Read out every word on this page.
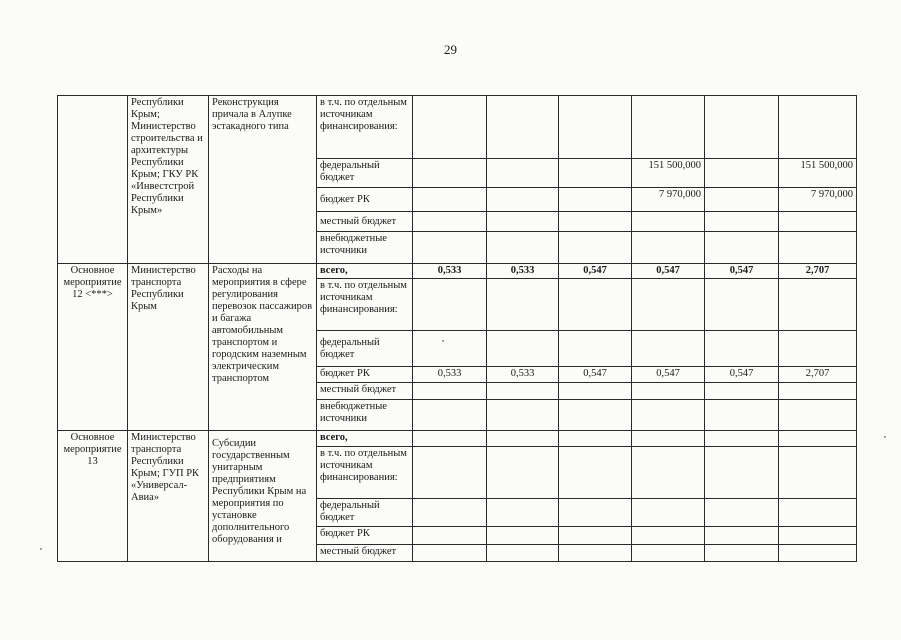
29
	Республики Крым; Министерство строительства и архитектуры Республики Крым; ГКУ РК «Инвестстрой Республики Крым»	Реконструкция причала в Алупке эстакадного типа	в т.ч. по отдельным источникам финансирования:						
			федеральный бюджет				151 500,000		151 500,000
			бюджет РК				7 970,000		7 970,000
			местный бюджет						
			внебюджетные источники						
Основное мероприятие 12 <***>	Министерство транспорта Республики Крым	Расходы на мероприятия в сфере регулирования перевозок пассажиров и багажа автомобильным транспортом и городским наземным электрическим транспортом	всего,	0,533	0,533	0,547	0,547	0,547	2,707
			в т.ч. по отдельным источникам финансирования:						
			федеральный бюджет						
			бюджет РК	0,533	0,533	0,547	0,547	0,547	2,707
			местный бюджет						
			внебюджетные источники						
Основное мероприятие 13	Министерство транспорта Республики Крым; ГУП РК «Универсал-Авиа»	Субсидии государственным унитарным предприятиям Республики Крым на мероприятия по установке дополнительного оборудования и	всего,						
			в т.ч. по отдельным источникам финансирования:						
			федеральный бюджет						
			бюджет РК						
			местный бюджет						
